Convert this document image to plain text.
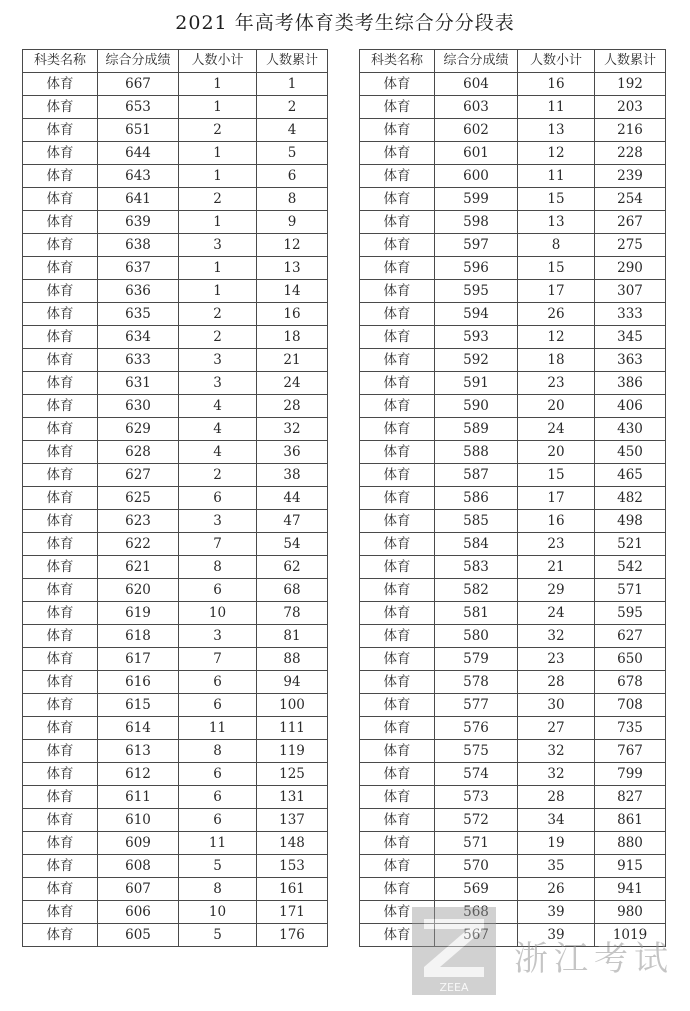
2021 年高考体育类考生综合分分段表
科类名称	综合分成绩	人数小计	人数累计
体育	667	1	1
体育	653	1	2
体育	651	2	4
体育	644	1	5
体育	643	1	6
体育	641	2	8
体育	639	1	9
体育	638	3	12
体育	637	1	13
体育	636	1	14
体育	635	2	16
体育	634	2	18
体育	633	3	21
体育	631	3	24
体育	630	4	28
体育	629	4	32
体育	628	4	36
体育	627	2	38
体育	625	6	44
体育	623	3	47
体育	622	7	54
体育	621	8	62
体育	620	6	68
体育	619	10	78
体育	618	3	81
体育	617	7	88
体育	616	6	94
体育	615	6	100
体育	614	11	111
体育	613	8	119
体育	612	6	125
体育	611	6	131
体育	610	6	137
体育	609	11	148
体育	608	5	153
体育	607	8	161
体育	606	10	171
体育	605	5	176
科类名称	综合分成绩	人数小计	人数累计
体育	604	16	192
体育	603	11	203
体育	602	13	216
体育	601	12	228
体育	600	11	239
体育	599	15	254
体育	598	13	267
体育	597	8	275
体育	596	15	290
体育	595	17	307
体育	594	26	333
体育	593	12	345
体育	592	18	363
体育	591	23	386
体育	590	20	406
体育	589	24	430
体育	588	20	450
体育	587	15	465
体育	586	17	482
体育	585	16	498
体育	584	23	521
体育	583	21	542
体育	582	29	571
体育	581	24	595
体育	580	32	627
体育	579	23	650
体育	578	28	678
体育	577	30	708
体育	576	27	735
体育	575	32	767
体育	574	32	799
体育	573	28	827
体育	572	34	861
体育	571	19	880
体育	570	35	915
体育	569	26	941
体育	568	39	980
体育	567	39	1019
ZEEA
浙江考试
